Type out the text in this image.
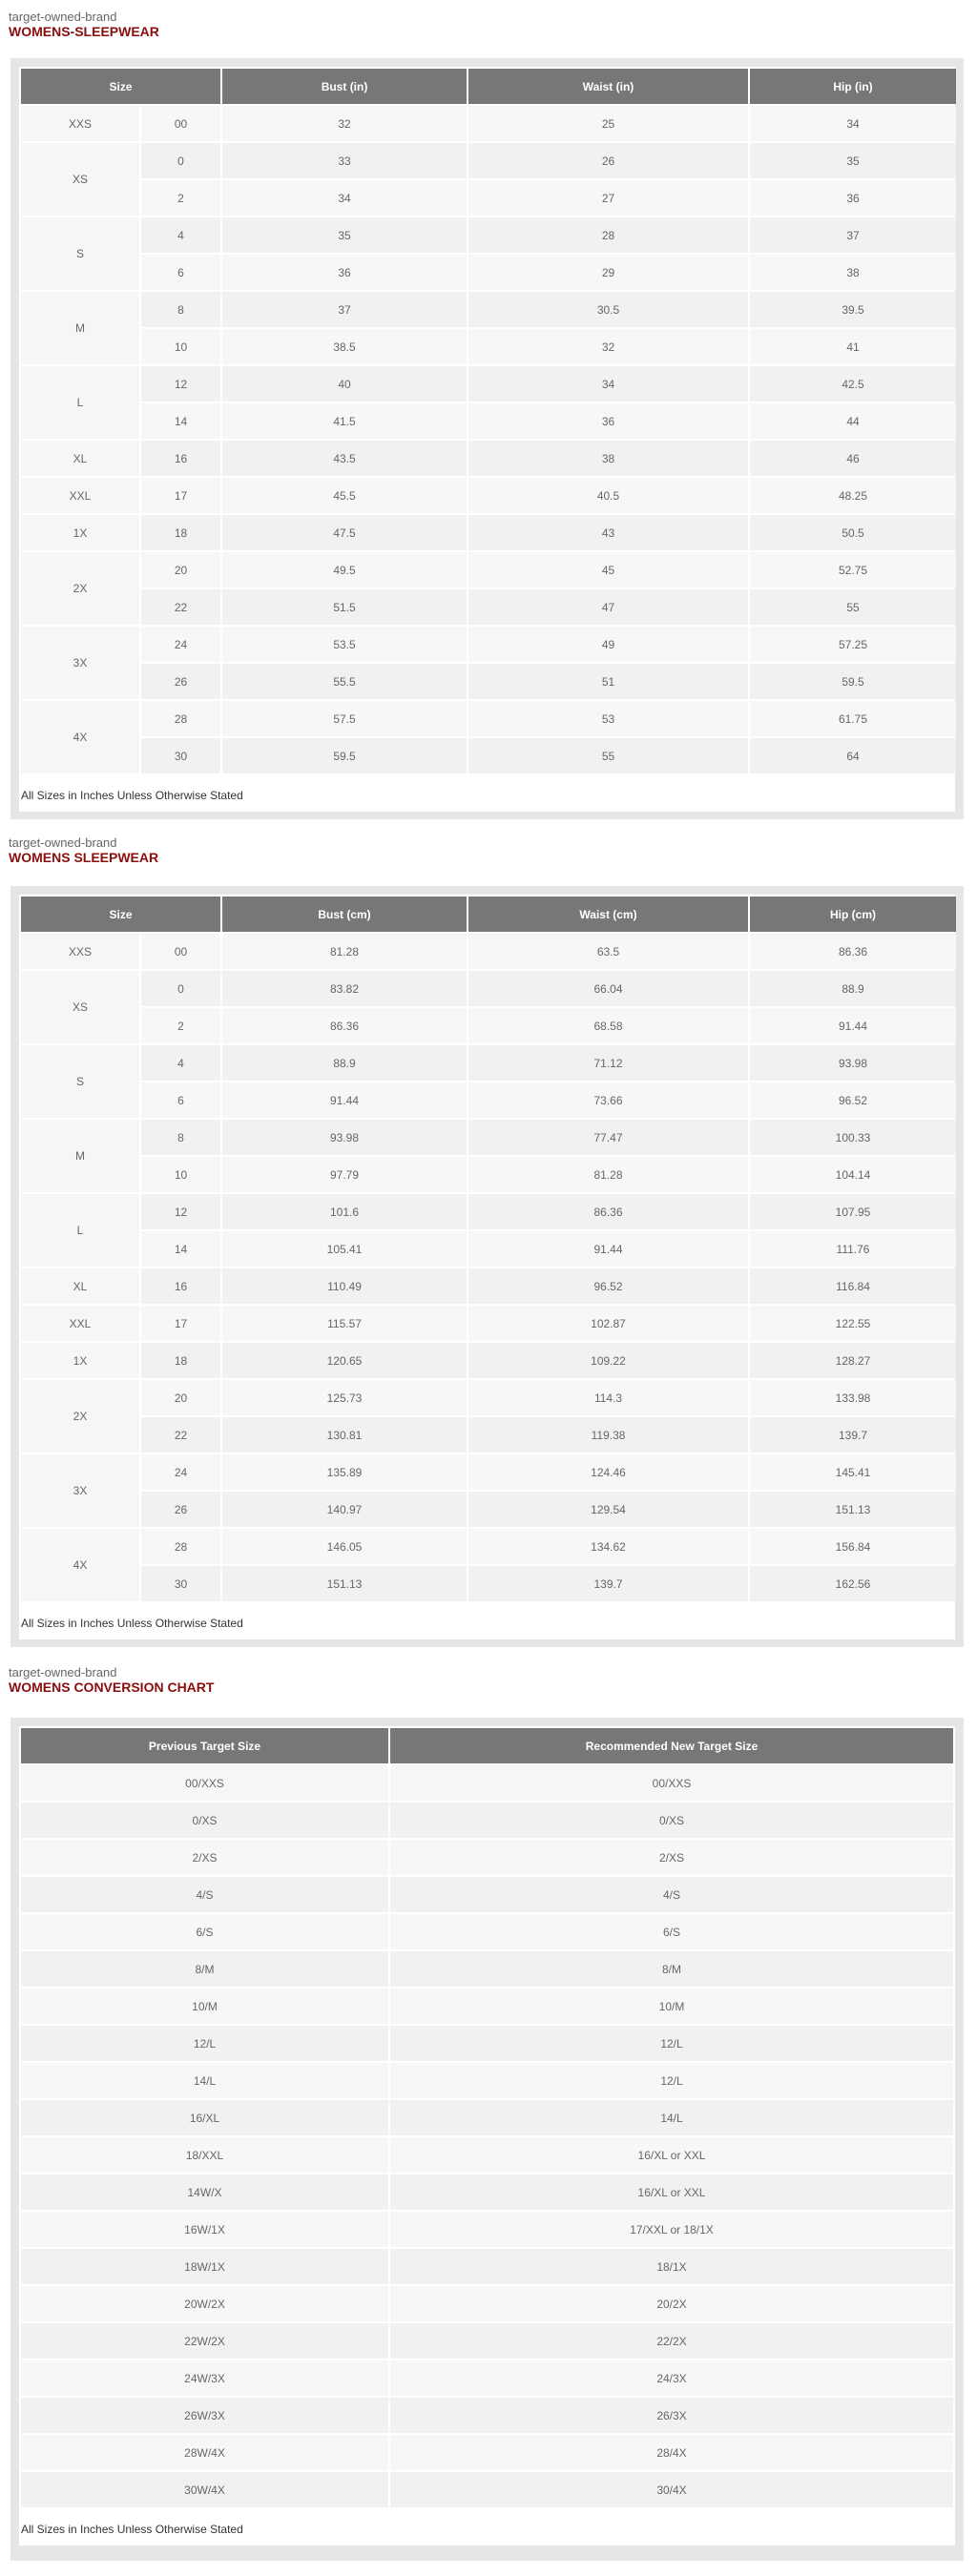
target-owned-brand
WOMENS-SLEEPWEAR
Size		Bust (in)	Waist (in)	Hip (in)
XXS	00	32	25	34
XS	0	33	26	35
	2	34	27	36
S	4	35	28	37
	6	36	29	38
M	8	37	30.5	39.5
	10	38.5	32	41
L	12	40	34	42.5
	14	41.5	36	44
XL	16	43.5	38	46
XXL	17	45.5	40.5	48.25
1X	18	47.5	43	50.5
2X	20	49.5	45	52.75
	22	51.5	47	55
3X	24	53.5	49	57.25
	26	55.5	51	59.5
4X	28	57.5	53	61.75
	30	59.5	55	64
All Sizes in Inches Unless Otherwise Stated
target-owned-brand
WOMENS SLEEPWEAR
Size		Bust (cm)	Waist (cm)	Hip (cm)
XXS	00	81.28	63.5	86.36
XS	0	83.82	66.04	88.9
	2	86.36	68.58	91.44
S	4	88.9	71.12	93.98
	6	91.44	73.66	96.52
M	8	93.98	77.47	100.33
	10	97.79	81.28	104.14
L	12	101.6	86.36	107.95
	14	105.41	91.44	111.76
XL	16	110.49	96.52	116.84
XXL	17	115.57	102.87	122.55
1X	18	120.65	109.22	128.27
2X	20	125.73	114.3	133.98
	22	130.81	119.38	139.7
3X	24	135.89	124.46	145.41
	26	140.97	129.54	151.13
4X	28	146.05	134.62	156.84
	30	151.13	139.7	162.56
All Sizes in Inches Unless Otherwise Stated
target-owned-brand
WOMENS CONVERSION CHART
Previous Target Size	Recommended New Target Size
00/XXS	00/XXS
0/XS	0/XS
2/XS	2/XS
4/S	4/S
6/S	6/S
8/M	8/M
10/M	10/M
12/L	12/L
14/L	12/L
16/XL	14/L
18/XXL	16/XL or XXL
14W/X	16/XL or XXL
16W/1X	17/XXL or 18/1X
18W/1X	18/1X
20W/2X	20/2X
22W/2X	22/2X
24W/3X	24/3X
26W/3X	26/3X
28W/4X	28/4X
30W/4X	30/4X
All Sizes in Inches Unless Otherwise Stated
